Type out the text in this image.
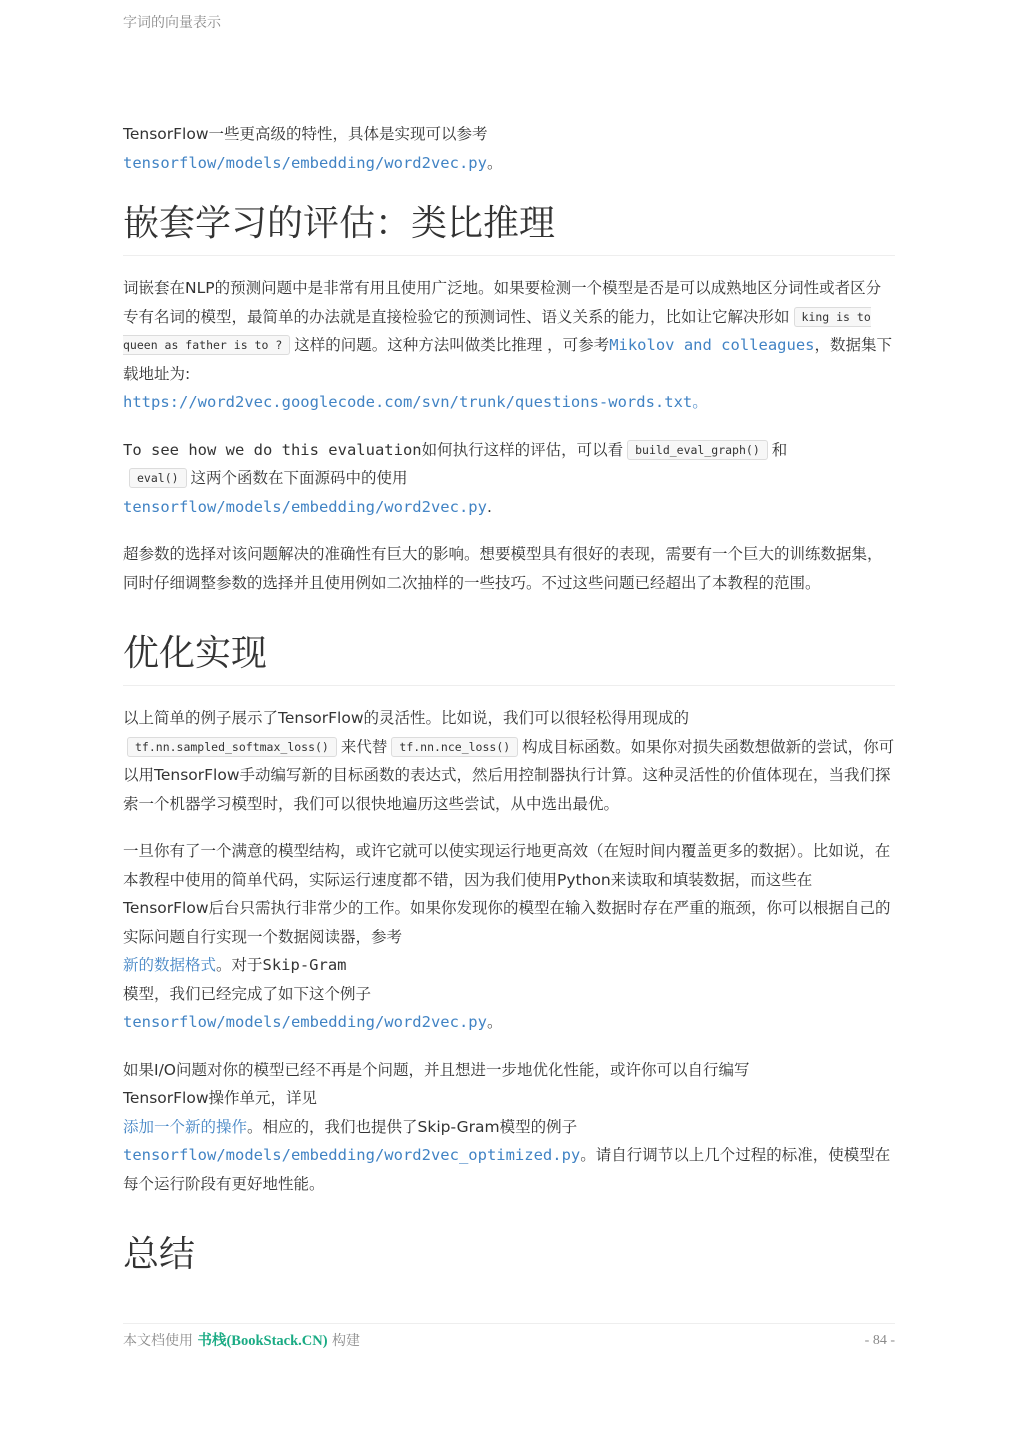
字词的向量表示

TensorFlow一些更高级的特性，具体是实现可以参考
tensorflow/models/embedding/word2vec.py。

嵌套学习的评估：类比推理

词嵌套在NLP的预测问题中是非常有用且使用广泛地。如果要检测一个模型是否是可以成熟地区分词性或者区分专有名词的模型，最简单的办法就是直接检验它的预测词性、语义关系的能力，比如让它解决形如 king is to queen as father is to ? 这样的问题。这种方法叫做类比推理 ，可参考Mikolov and colleagues，数据集下载地址为:
https://word2vec.googlecode.com/svn/trunk/questions-words.txt。

To see how we do this evaluation如何执行这样的评估，可以看 build_eval_graph() 和
eval() 这两个函数在下面源码中的使用
tensorflow/models/embedding/word2vec.py.

超参数的选择对该问题解决的准确性有巨大的影响。想要模型具有很好的表现，需要有一个巨大的训练数据集，同时仔细调整参数的选择并且使用例如二次抽样的一些技巧。不过这些问题已经超出了本教程的范围。

优化实现

以上简单的例子展示了TensorFlow的灵活性。比如说，我们可以很轻松得用现成的tf.nn.sampled_softmax_loss() 来代替 tf.nn.nce_loss() 构成目标函数。如果你对损失函数想做新的尝试，你可以用TensorFlow手动编写新的目标函数的表达式，然后用控制器执行计算。这种灵活性的价值体现在，当我们探索一个机器学习模型时，我们可以很快地遍历这些尝试，从中选出最优。

一旦你有了一个满意的模型结构，或许它就可以使实现运行地更高效（在短时间内覆盖更多的数据）。比如说，在本教程中使用的简单代码，实际运行速度都不错，因为我们使用Python来读取和填装数据，而这些在TensorFlow后台只需执行非常少的工作。如果你发现你的模型在输入数据时存在严重的瓶颈，你可以根据自己的实际问题自行实现一个数据阅读器，参考
新的数据格式。对于Skip-Gram
模型，我们已经完成了如下这个例子
tensorflow/models/embedding/word2vec.py。

如果I/O问题对你的模型已经不再是个问题，并且想进一步地优化性能，或许你可以自行编写
TensorFlow操作单元，详见
添加一个新的操作。相应的，我们也提供了Skip-Gram模型的例子
tensorflow/models/embedding/word2vec_optimized.py。请自行调节以上几个过程的标准，使模型在每个运行阶段有更好地性能。

总结
本文档使用 书栈(BookStack.CN) 构建	- 84 -
